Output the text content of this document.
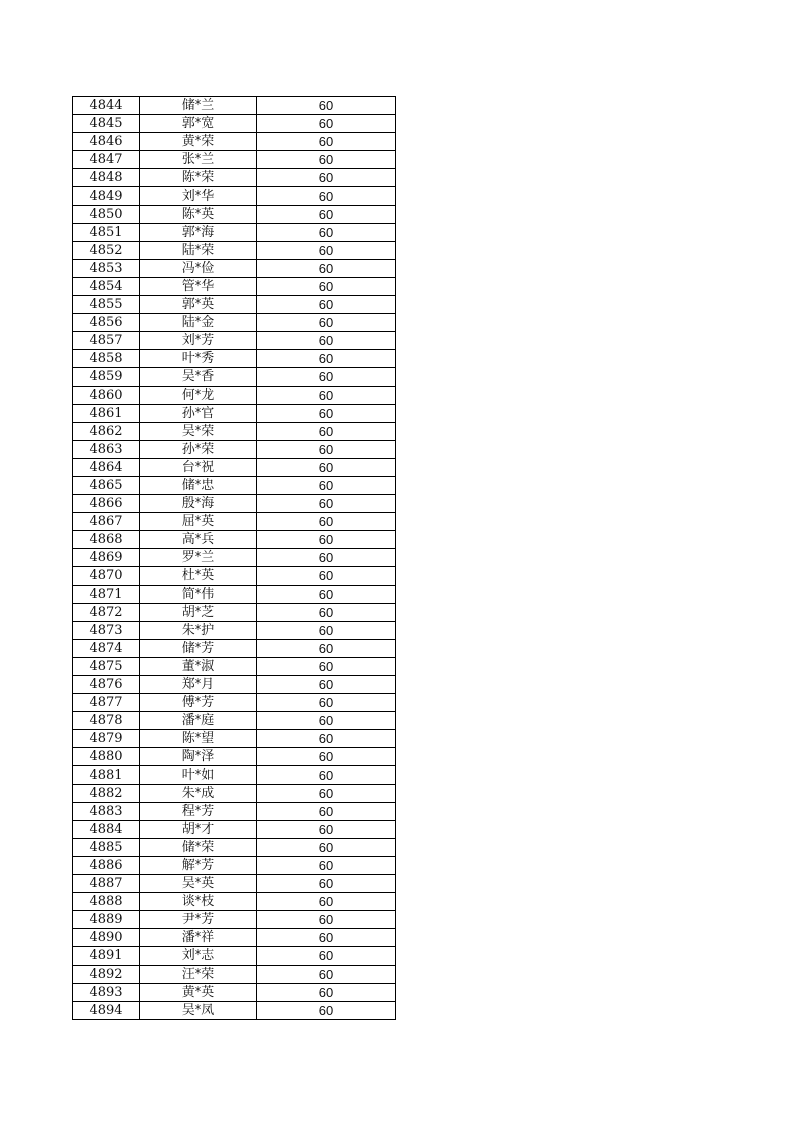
4844	储*兰	60
4845	郭*宽	60
4846	黄*荣	60
4847	张*兰	60
4848	陈*荣	60
4849	刘*华	60
4850	陈*英	60
4851	郭*海	60
4852	陆*荣	60
4853	冯*俭	60
4854	管*华	60
4855	郭*英	60
4856	陆*金	60
4857	刘*芳	60
4858	叶*秀	60
4859	吴*香	60
4860	何*龙	60
4861	孙*官	60
4862	吴*荣	60
4863	孙*荣	60
4864	台*祝	60
4865	储*忠	60
4866	殷*海	60
4867	屈*英	60
4868	高*兵	60
4869	罗*兰	60
4870	杜*英	60
4871	简*伟	60
4872	胡*芝	60
4873	朱*护	60
4874	储*芳	60
4875	董*淑	60
4876	郑*月	60
4877	傅*芳	60
4878	潘*庭	60
4879	陈*望	60
4880	陶*泽	60
4881	叶*如	60
4882	朱*成	60
4883	程*芳	60
4884	胡*才	60
4885	储*荣	60
4886	解*芳	60
4887	吴*英	60
4888	谈*枝	60
4889	尹*芳	60
4890	潘*祥	60
4891	刘*志	60
4892	汪*荣	60
4893	黄*英	60
4894	吴*凤	60
